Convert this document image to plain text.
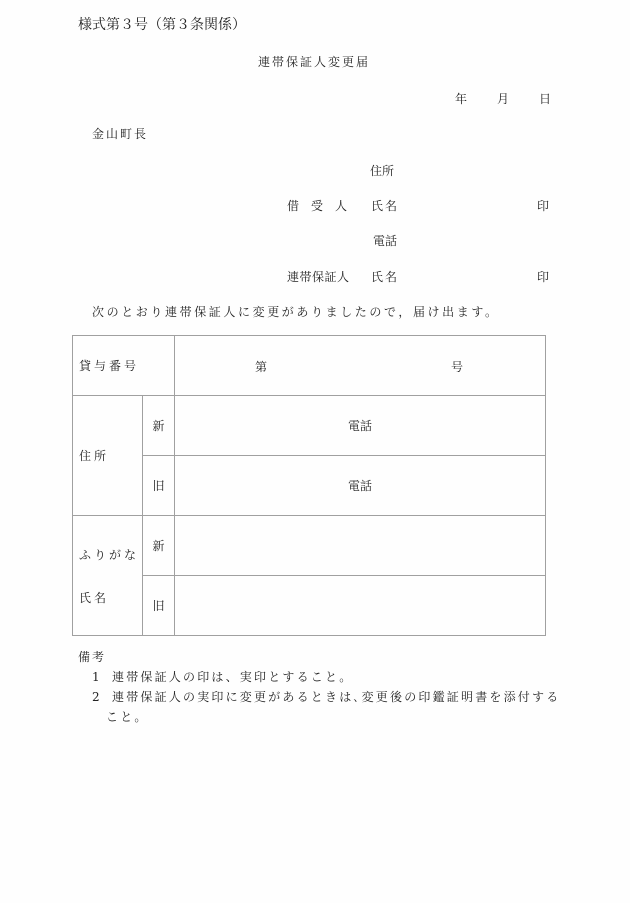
様式第３号（第３条関係）
連帯保証人変更届
年 月 日
金山町長
住所
借　受　人 氏名	印
電話
連帯保証人 氏名	印
次のとおり連帯保証人に変更がありましたので，届け出ます。
貸与番号		第 号

住所	新	電話
	旧	電話

ふりがな
氏名	新	
	旧	
備考
1 連帯保証人の印は、実印とすること。
2 連帯保証人の実印に変更があるときは､変更後の印鑑証明書を添付する
こと。
